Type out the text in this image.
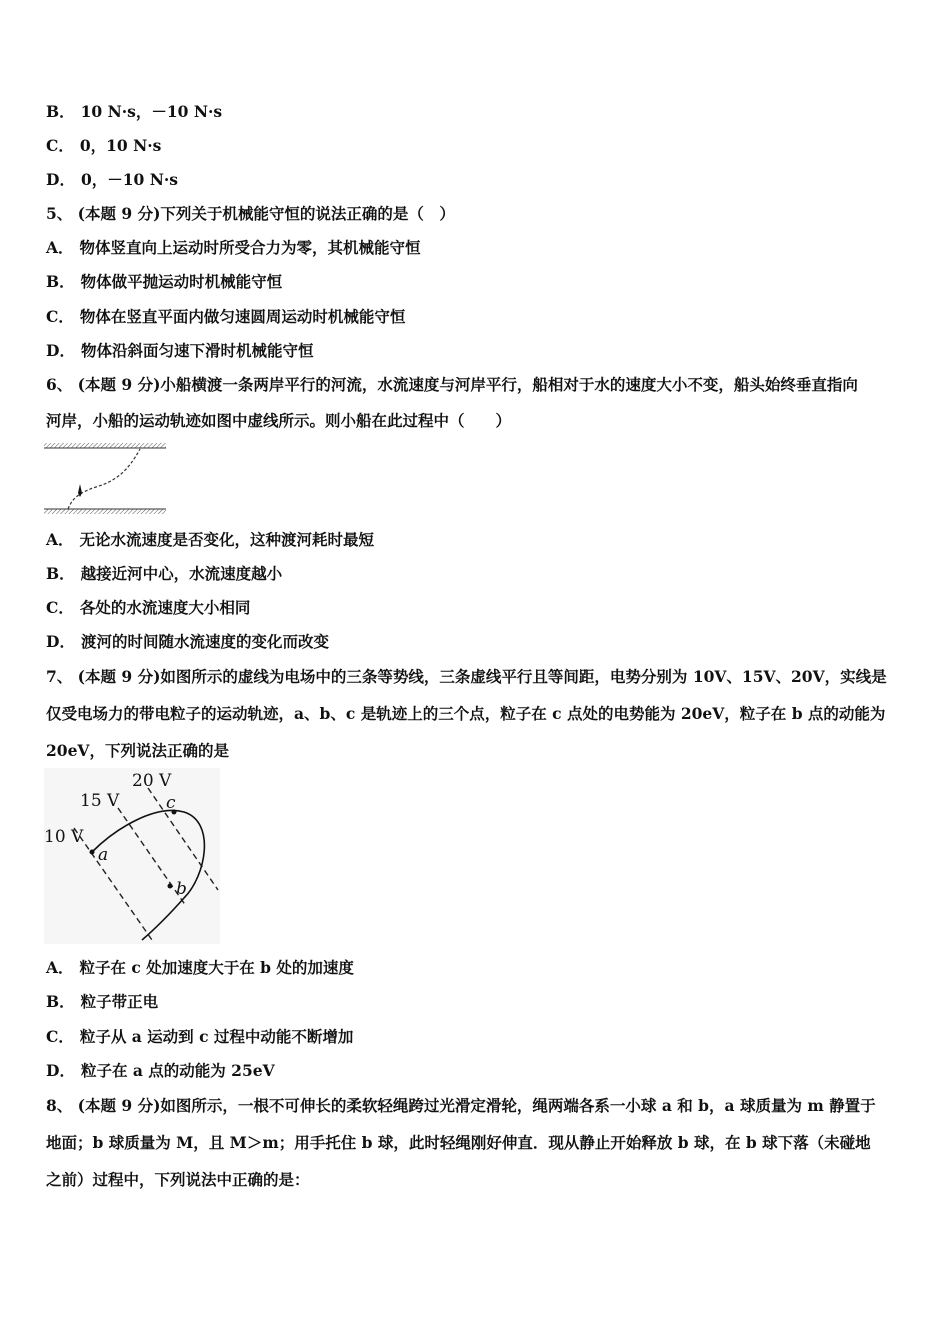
B． 10 N·s，－10 N·s
C． 0，10 N·s
D． 0，－10 N·s
5、 (本题 9 分)下列关于机械能守恒的说法正确的是（　）
A． 物体竖直向上运动时所受合力为零，其机械能守恒
B． 物体做平抛运动时机械能守恒
C． 物体在竖直平面内做匀速圆周运动时机械能守恒
D． 物体沿斜面匀速下滑时机械能守恒
6、 (本题 9 分)小船横渡一条两岸平行的河流，水流速度与河岸平行，船相对于水的速度大小不变，船头始终垂直指向
河岸，小船的运动轨迹如图中虚线所示。则小船在此过程中（　　）
A． 无论水流速度是否变化，这种渡河耗时最短
B． 越接近河中心，水流速度越小
C． 各处的水流速度大小相同
D． 渡河的时间随水流速度的变化而改变
7、 (本题 9 分)如图所示的虚线为电场中的三条等势线，三条虚线平行且等间距，电势分别为 10V、15V、20V，实线是
仅受电场力的带电粒子的运动轨迹，a、b、c 是轨迹上的三个点，粒子在 c 点处的电势能为 20eV，粒子在 b 点的动能为
20eV，下列说法正确的是
10 V
15 V
20 V
a
b
c
A． 粒子在 c 处加速度大于在 b 处的加速度
B． 粒子带正电
C． 粒子从 a 运动到 c 过程中动能不断增加
D． 粒子在 a 点的动能为 25eV
8、 (本题 9 分)如图所示，一根不可伸长的柔软轻绳跨过光滑定滑轮，绳两端各系一小球 a 和 b，a 球质量为 m 静置于
地面；b 球质量为 M，且 M＞m；用手托住 b 球，此时轻绳刚好伸直．现从静止开始释放 b 球，在 b 球下落（未碰地
之前）过程中，下列说法中正确的是：
